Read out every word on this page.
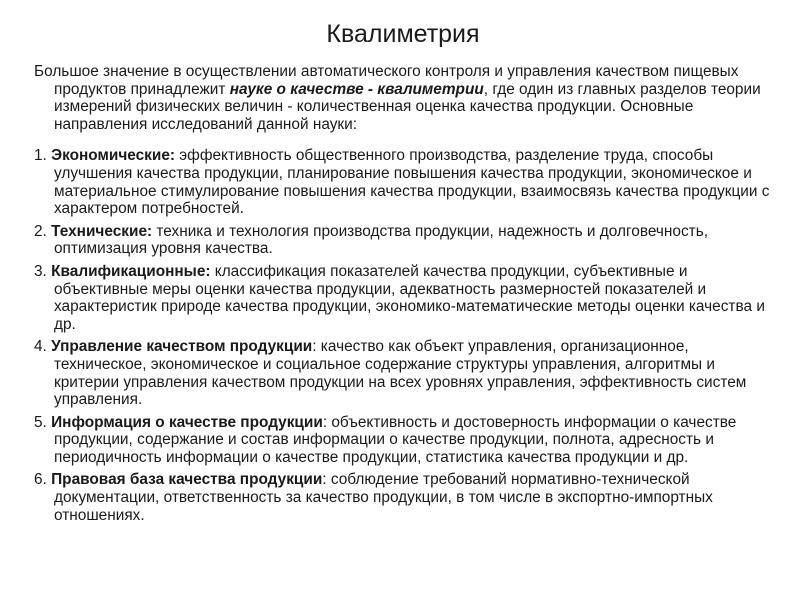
Квалиметрия

Большое значение в осуществлении автоматического контроля и управления качеством пищевых продуктов принадлежит науке о качестве - квалиметрии, где один из главных разделов теории измерений физических величин - количественная оценка качества продукции. Основные направления исследований данной науки:

1. Экономические: эффективность общественного производства, разделение труда, способы улучшения качества продукции, планирование повышения качества продукции, экономическое и материальное стимулирование повышения качества продукции, взаимосвязь качества продукции с характером потребностей.
2. Технические: техника и технология производства продукции, надежность и долговечность, оптимизация уровня качества.
3. Квалификационные: классификация показателей качества продукции, субъективные и объективные меры оценки качества продукции, адекватность размерностей показателей и характеристик природе качества продукции, экономико-математические методы оценки качества и др.
4. Управление качеством продукции: качество как объект управления, организационное, техническое, экономическое и социальное содержание структуры управления, алгоритмы и критерии управления качеством продукции на всех уровнях управления, эффективность систем управления.
5. Информация о качестве продукции: объективность и достоверность информации о качестве продукции, содержание и состав информации о качестве продукции, полнота, адресность и периодичность информации о качестве продукции, статистика качества продукции и др.
6. Правовая база качества продукции: соблюдение требований нормативно-технической документации, ответственность за качество продукции, в том числе в экспортно-импортных отношениях.
